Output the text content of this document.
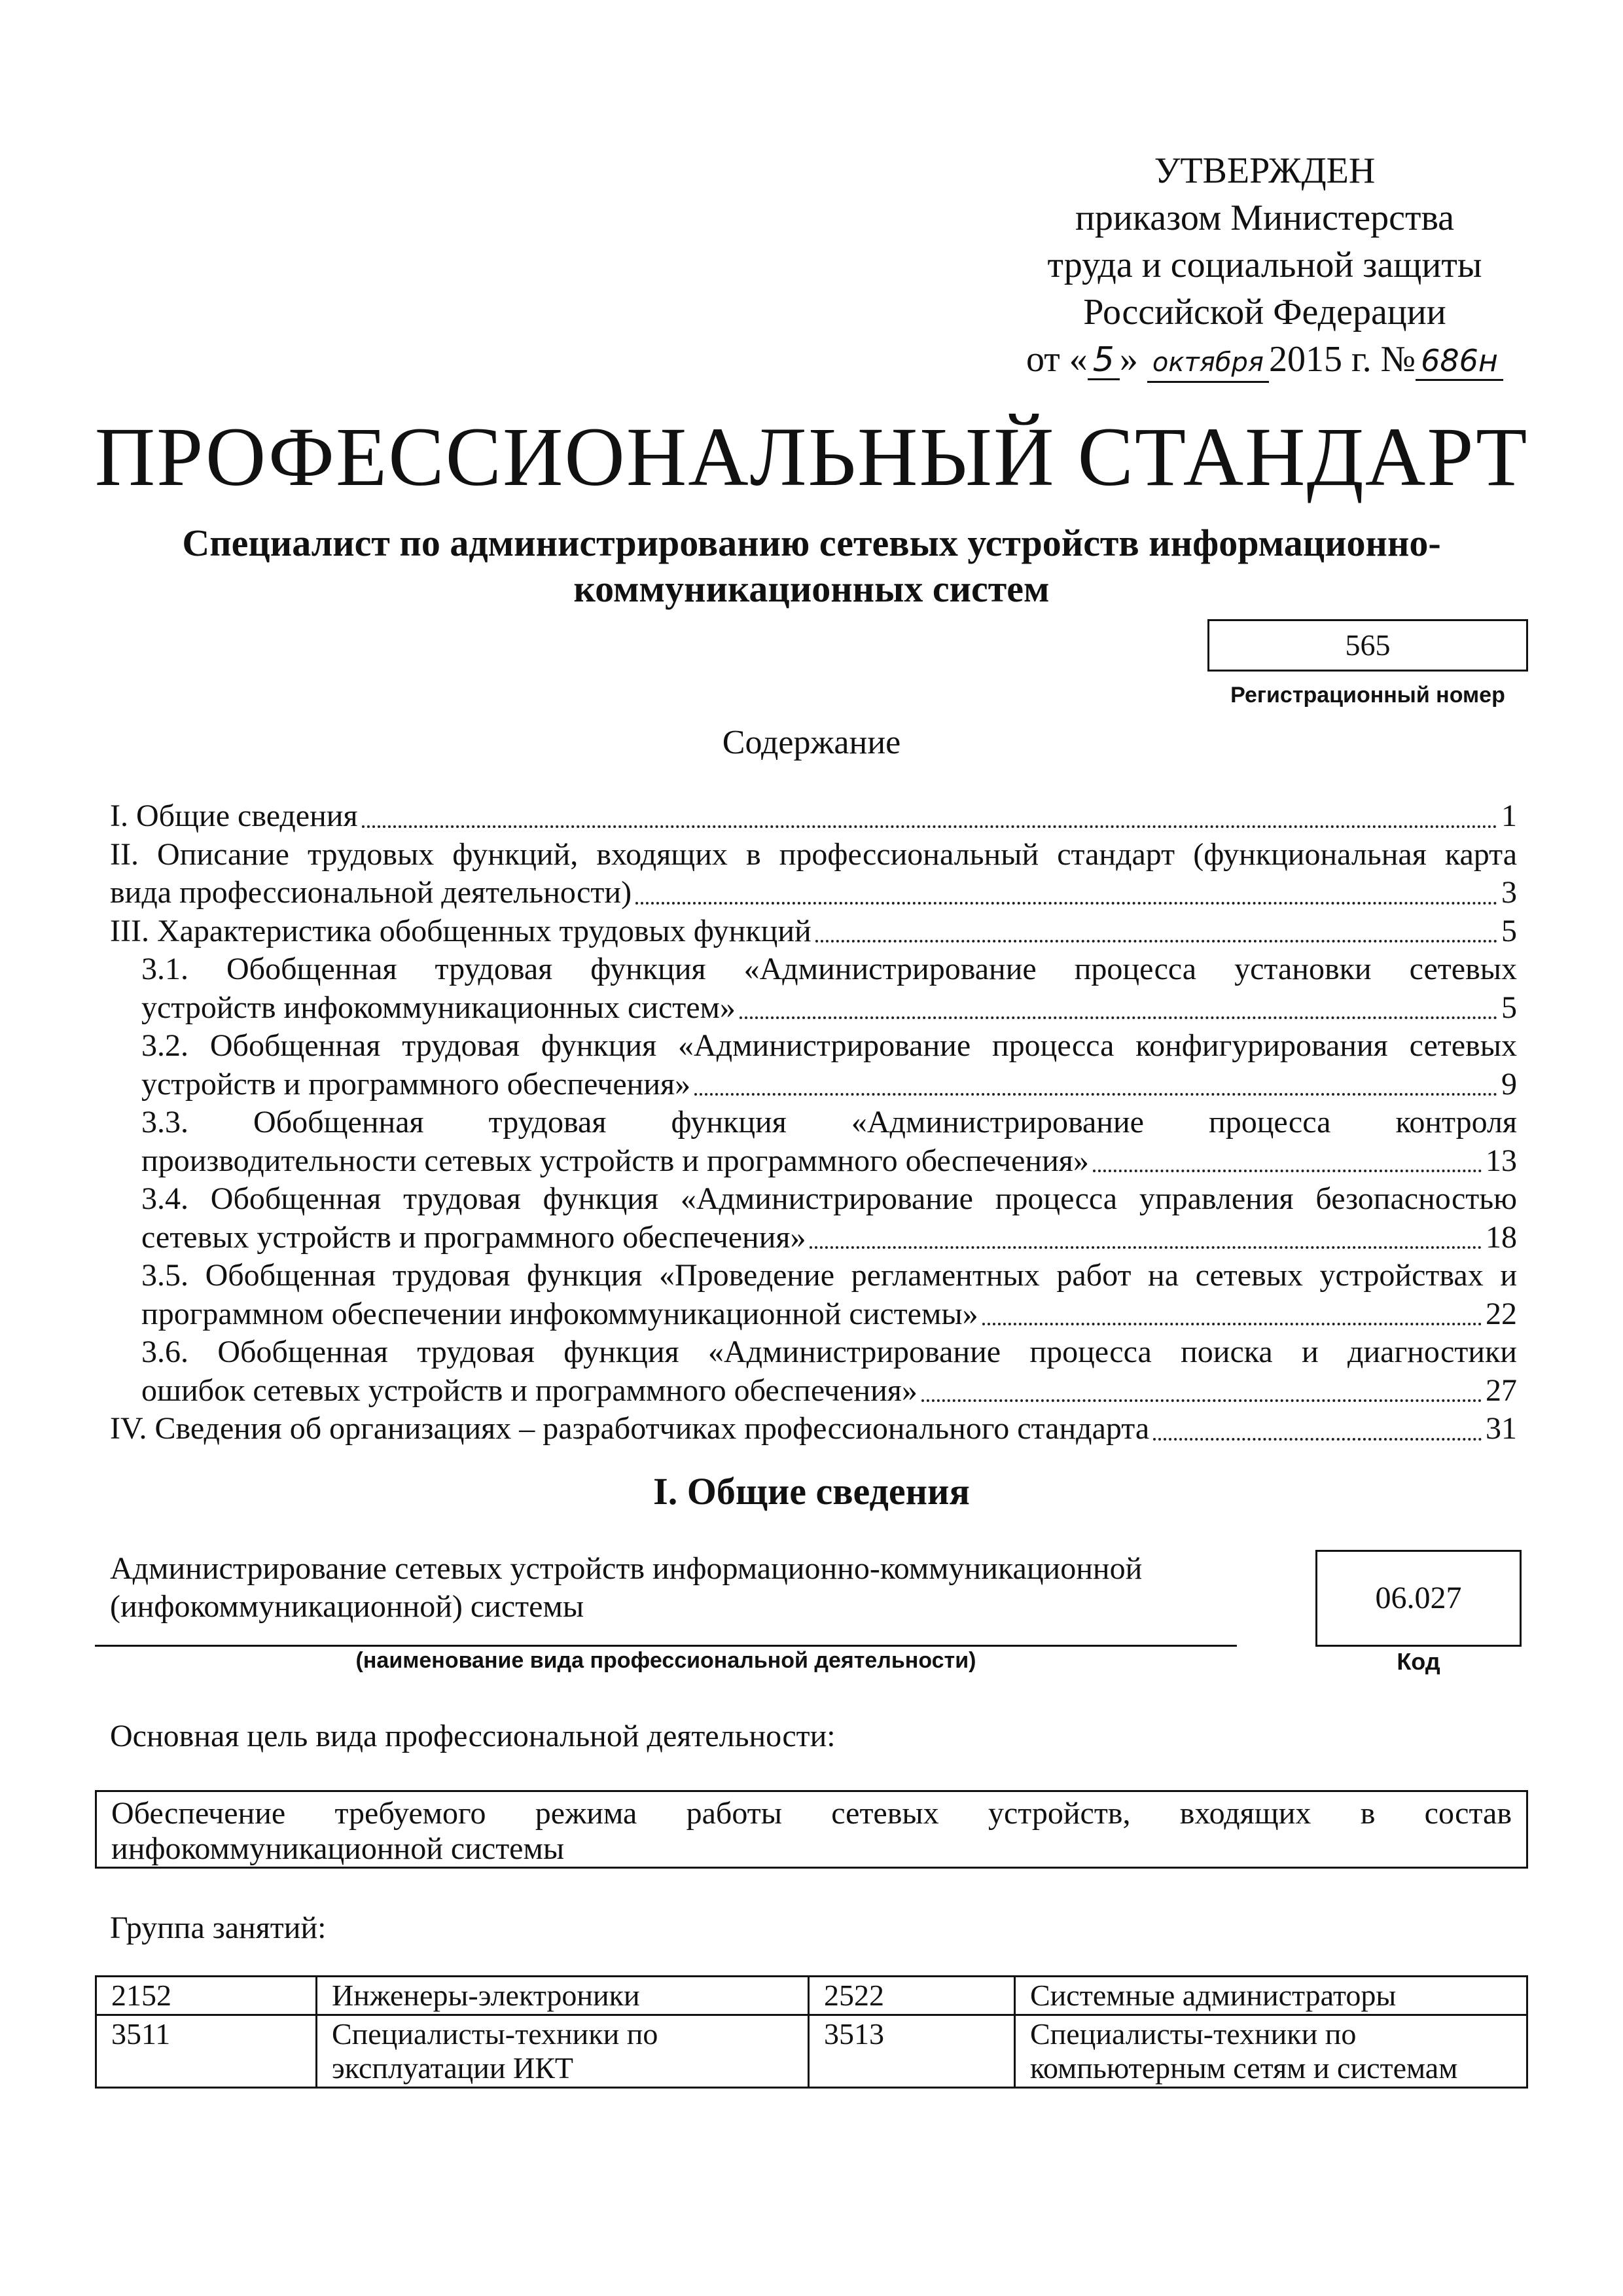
УТВЕРЖДЕН
приказом Министерства
труда и социальной защиты
Российской Федерации
от « 5 » октября 2015 г. № 686н
ПРОФЕССИОНАЛЬНЫЙ СТАНДАРТ
Специалист по администрированию сетевых устройств информационно-
коммуникационных систем
565
Регистрационный номер
Содержание
I. Общие сведения	1
II. Описание трудовых функций, входящих в профессиональный стандарт (функциональная карта
вида профессиональной деятельности)	3
III. Характеристика обобщенных трудовых функций	5
3.1. Обобщенная трудовая функция «Администрирование процесса установки сетевых
устройств инфокоммуникационных систем»	5
3.2. Обобщенная трудовая функция «Администрирование процесса конфигурирования сетевых
устройств и программного обеспечения»	9
3.3. Обобщенная трудовая функция «Администрирование процесса контроля
производительности сетевых устройств и программного обеспечения»	13
3.4. Обобщенная трудовая функция «Администрирование процесса управления безопасностью
сетевых устройств и программного обеспечения»	18
3.5. Обобщенная трудовая функция «Проведение регламентных работ на сетевых устройствах и
программном обеспечении инфокоммуникационной системы»	22
3.6. Обобщенная трудовая функция «Администрирование процесса поиска и диагностики
ошибок сетевых устройств и программного обеспечения»	27
IV. Сведения об организациях – разработчиках профессионального стандарта	31
I. Общие сведения
Администрирование сетевых устройств информационно-коммуникационной
(инфокоммуникационной) системы
(наименование вида профессиональной деятельности)
06.027
Код
Основная цель вида профессиональной деятельности:
Обеспечение требуемого режима работы сетевых устройств, входящих в состав
инфокоммуникационной системы
Группа занятий:
2152	Инженеры-электроники	2522	Системные администраторы
3511	Специалисты-техники по эксплуатации ИКТ	3513	Специалисты-техники по компьютерным сетям и системам
